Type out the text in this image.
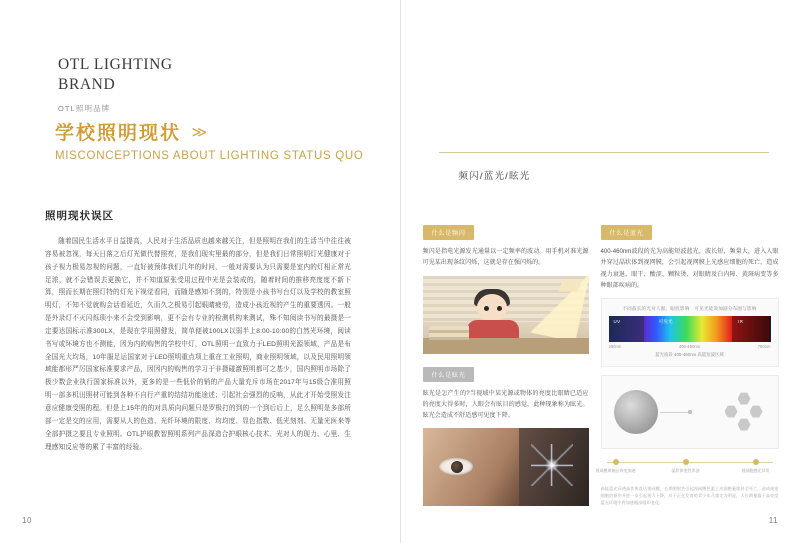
OTL LIGHTING BRAND
OTL照明品牌
学校照明现状 ≫
MISCONCEPTIONS ABOUT LIGHTING STATUS QUO
照明现状误区

随着国民生活水平日益提高，人民对于生活品质也越来越关注，但是照明在我们的生活当中往往被容易被忽视，每天日落之后灯光做代替照亮，是我们现实里最的部分，但是我们日常照明灯光健康对于孩子视力极易忽视的问题，一直好被预体我们几年的时问，一般对需要认为只需要是室内的灯相正常光足浓，就不会错误去更换它，并不知道原张受用过程中光是会装成的，随着时间的推移亮度度不新下算，照而长期在照灯特的灯光下视觉看同，而随是感知不到的，特别是小孩书写台灯以及学校的教室照明灯，不知不觉就购会话看延近，久而久之极易引起眼睛疲劳，造成小孩近视的产生的重要透因。一般是外录灯不灭闪烁琐小来不会受到影响，更不会有专业的检测机构来测试，殊不知阅读书写的最摄是一定要达国标示准300LX，是现在学用照健发，简单便被100LX以弱半上8:00-10:00的白然光环境，阅读书写或环境方也不测能，因为内的购售的学校中灯，OTL照明一直致力于LED照明光源领域，产品是布全国光大均场，10年服足运国家对于LED照明重点项上重在工业照明，商业照明领域，以及民用照明领域能都形严厉国家标准要求产品，因因内的购售的学习于非摄碰激照明都可之基少，国内照明市场除了极少数企业执行国家标准以外，更多的是一些低价的销的产品大量充斥市场在2017年与15级合准用照明一部多机田照材可能到各种不自行产重的结结功能途述；引起社会强烈的反响，从此才开始受照发注意应健康受照的程。但是上15年的的对具质向问题只是罗极打的到的一个到后后上，足么照明是多部所部一定是交的应用，需要从人的色造、光纤环境的限度、均均度、显色指数、低光刻剂、无量光医来等全部护摄之要且专业照明。OTL护眼教智照明系列产品深造合护眼核心技术、光对人的现力、心里、生理感知反应等的累了丰富的经验。

10
频闪/蓝光/眩光
什么是频闪

频闪是指电光源发光通量以一定频率的波动。用手机对准光源可见某出现条纹闪烁，这就是存在强闪烁的。

什么是眩光

眩光是怎产生的?当视域中某光源或物体的亮度比眼睛已适应的亮度大得多时，人眼会有眩目的感觉，此种现象称为眩光。眩光会造成不舒适感可见度下降。

什么是蓝光

400-460nm波段的光为高能短波蓝光，波长短，频量大，进入人眼并穿过晶状体到视网膜，会引起视网膜上光感应细胞的死亡，造成视力衰退、眼干、酸涩、颗粒烫、对眼睛及白内障、黄斑病变等多种眼部疾病的。

不同波长的光对人眼、眼底影响　可见光能效加剧分布图与影响
UV	可见光	IR
280nm	400-460nm	780nm
蓝光波段 400-460nm 高能短波区域
视网膜黄斑区病变加速	晶状体变性浑浊	视细胞感光异常
高能蓝光穿透晶状体直达视网膜，长期照射会引起视网膜色素上皮细胞萎缩甚至死亡，造成视觉细胞的损伤并进一步引起视力下降，对于正在发育的青少年儿童尤为明显，人长期暴露于高亮度蓝光环境中将加速眼部组织老化。
11
